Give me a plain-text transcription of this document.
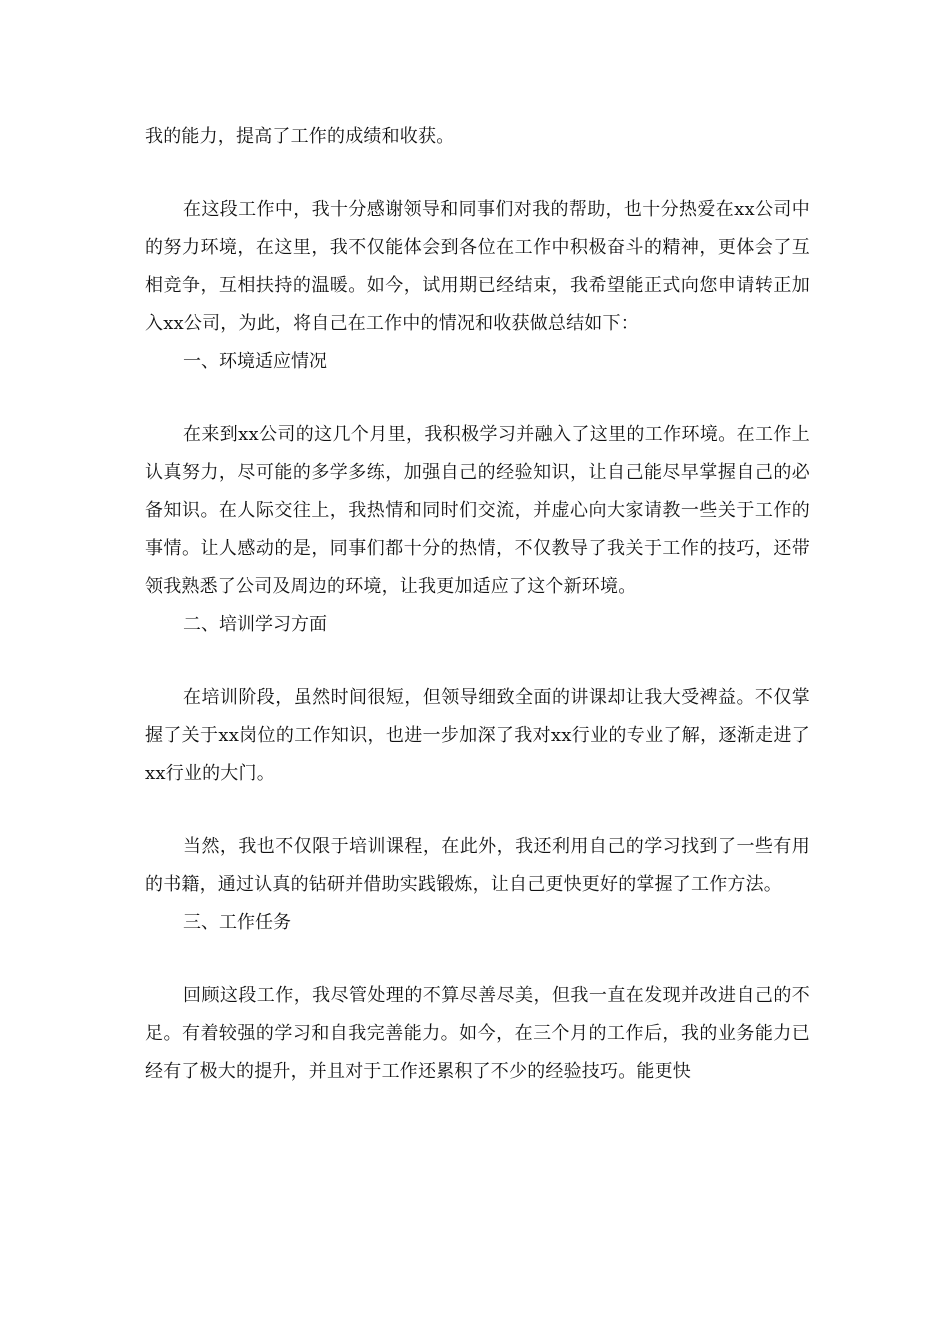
我的能力，提高了工作的成绩和收获。

在这段工作中，我十分感谢领导和同事们对我的帮助，也十分热爱在xx公司中的努力环境，在这里，我不仅能体会到各位在工作中积极奋斗的精神，更体会了互相竞争，互相扶持的温暖。如今，试用期已经结束，我希望能正式向您申请转正加入xx公司，为此，将自己在工作中的情况和收获做总结如下：

一、环境适应情况

在来到xx公司的这几个月里，我积极学习并融入了这里的工作环境。在工作上认真努力，尽可能的多学多练，加强自己的经验知识，让自己能尽早掌握自己的必备知识。在人际交往上，我热情和同时们交流，并虚心向大家请教一些关于工作的事情。让人感动的是，同事们都十分的热情，不仅教导了我关于工作的技巧，还带领我熟悉了公司及周边的环境，让我更加适应了这个新环境。

二、培训学习方面

在培训阶段，虽然时间很短，但领导细致全面的讲课却让我大受裨益。不仅掌握了关于xx岗位的工作知识，也进一步加深了我对xx行业的专业了解，逐渐走进了xx行业的大门。

当然，我也不仅限于培训课程，在此外，我还利用自己的学习找到了一些有用的书籍，通过认真的钻研并借助实践锻炼，让自己更快更好的掌握了工作方法。

三、工作任务

回顾这段工作，我尽管处理的不算尽善尽美，但我一直在发现并改进自己的不足。有着较强的学习和自我完善能力。如今，在三个月的工作后，我的业务能力已经有了极大的提升，并且对于工作还累积了不少的经验技巧。能更快
